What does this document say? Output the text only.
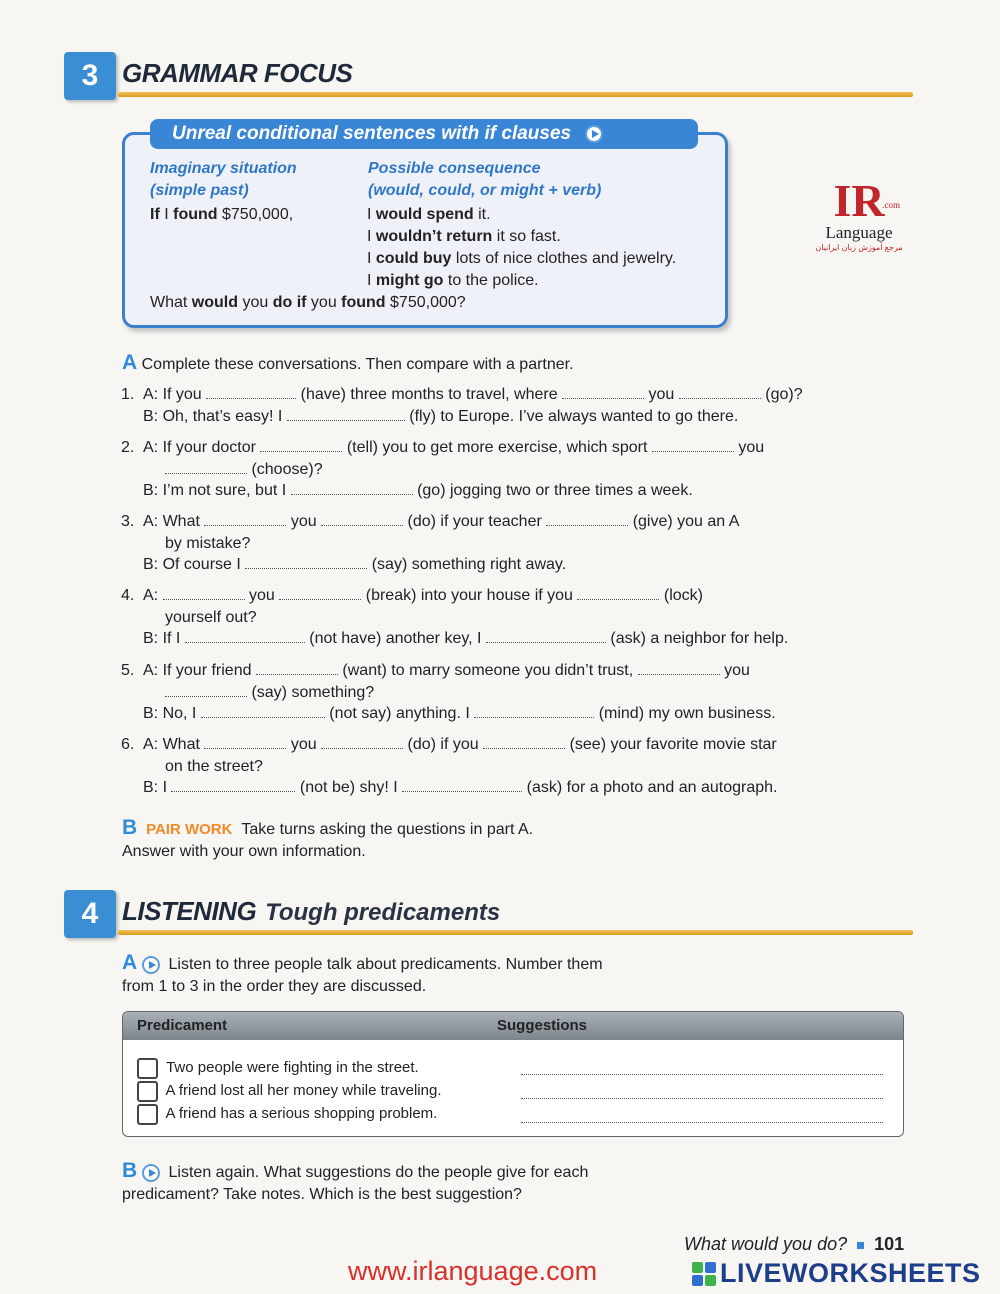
3 GRAMMAR FOCUS
Unreal conditional sentences with if clauses
Imaginary situation
(simple past)
Possible consequence
(would, could, or might + verb)
If I found $750,000,	I would spend it.
I wouldn’t return it so fast.
I could buy lots of nice clothes and jewelry.
I might go to the police.
What would you do if you found $750,000?
IR
.com
Language
مرجع آموزش زبان ایرانیان
A Complete these conversations. Then compare with a partner.
1. A: If you	(have) three months to travel, where	you	(go)?
B: Oh, that’s easy! I	(fly) to Europe. I’ve always wanted to go there.
2. A: If your doctor	(tell) you to get more exercise, which sport	you
(choose)?
B: I’m not sure, but I	(go) jogging two or three times a week.
3. A: What	you	(do) if your teacher	(give) you an A
by mistake?
B: Of course I	(say) something right away.
4. A:	you	(break) into your house if you	(lock)
yourself out?
B: If I	(not have) another key, I	(ask) a neighbor for help.
5. A: If your friend	(want) to marry someone you didn’t trust,	you
(say) something?
B: No, I	(not say) anything. I	(mind) my own business.
6. A: What	you	(do) if you	(see) your favorite movie star
on the street?
B: I	(not be) shy! I	(ask) for a photo and an autograph.
B PAIR WORK Take turns asking the questions in part A.
Answer with your own information.
4 LISTENING Tough predicaments
A Listen to three people talk about predicaments. Number them
from 1 to 3 in the order they are discussed.
Predicament	Suggestions
Two people were fighting in the street.
A friend lost all her money while traveling.
A friend has a serious shopping problem.
B Listen again. What suggestions do the people give for each
predicament? Take notes. Which is the best suggestion?
What would you do? 101
www.irlanguage.com	LIVEWORKSHEETS
